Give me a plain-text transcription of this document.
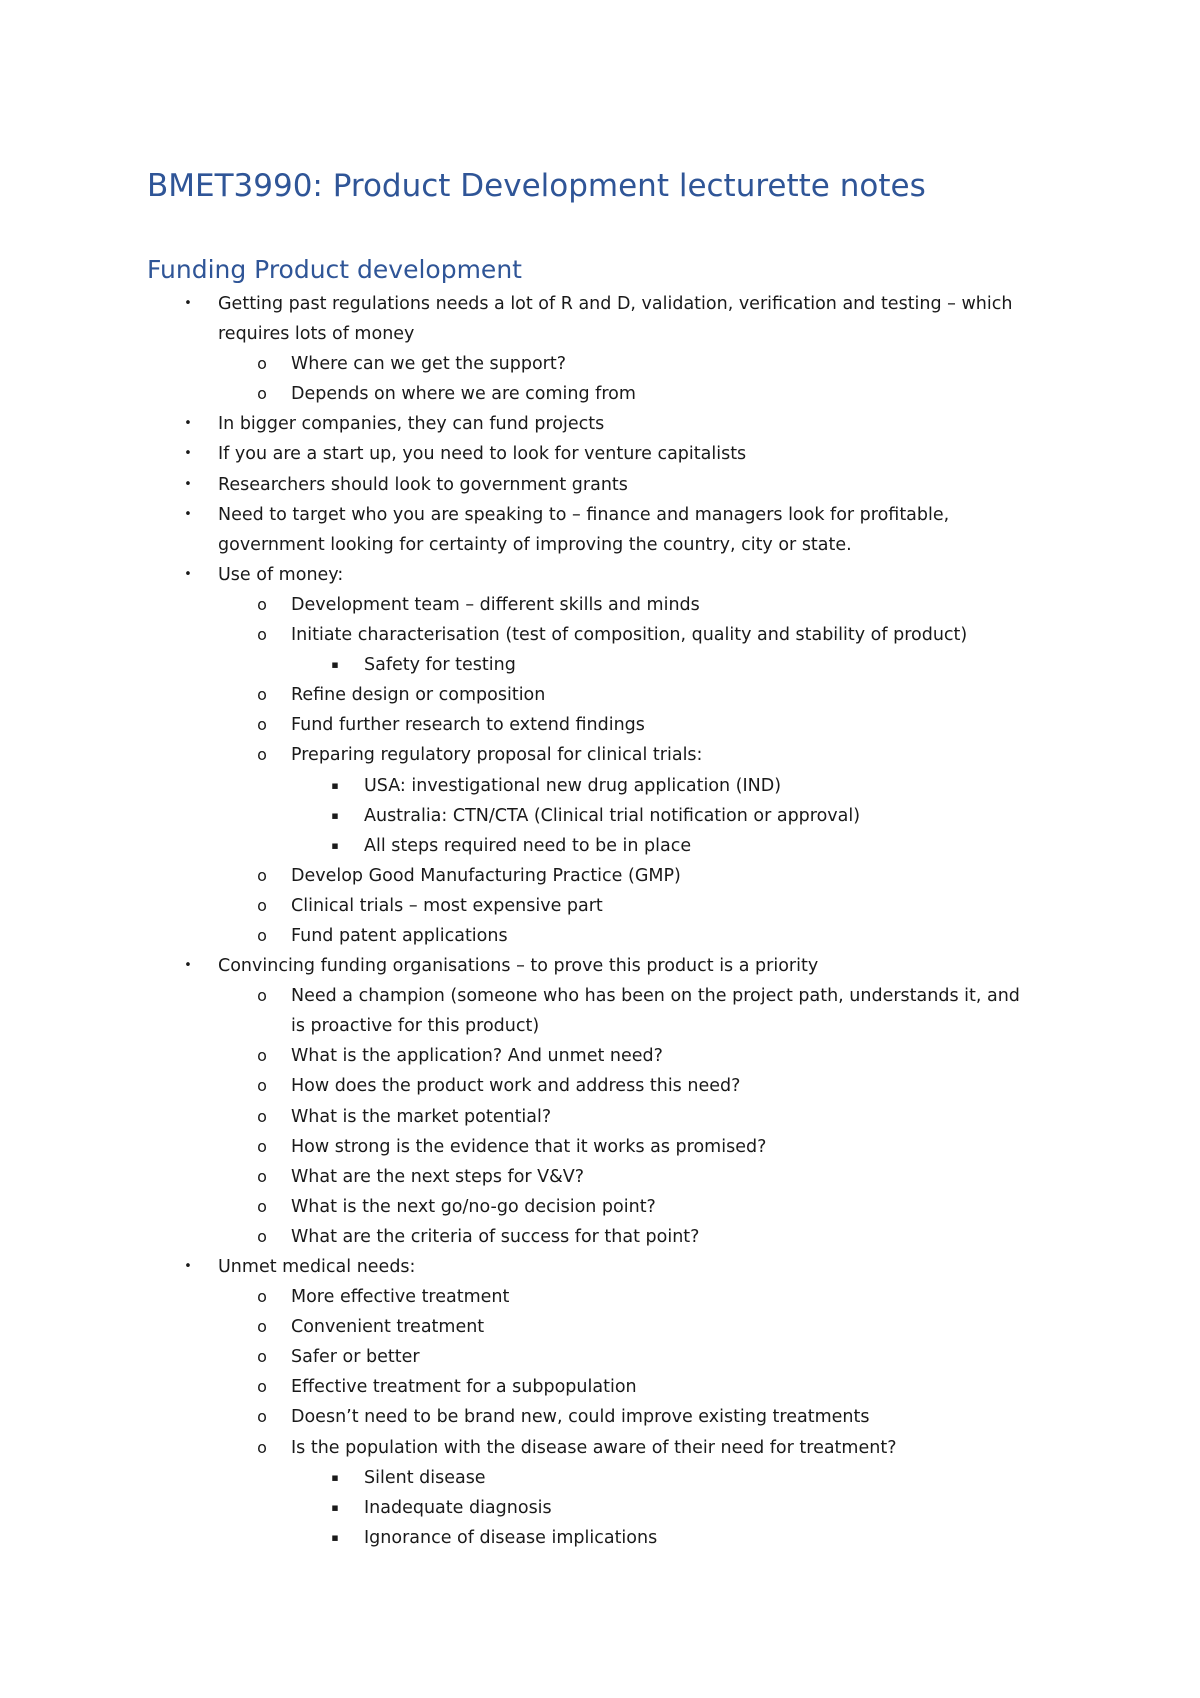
BMET3990: Product Development lecturette notes
Funding Product development
•	Getting past regulations needs a lot of R and D, validation, verification and testing – which
requires lots of money
o Where can we get the support?
o Depends on where we are coming from
•	In bigger companies, they can fund projects
•	If you are a start up, you need to look for venture capitalists
•	Researchers should look to government grants
•	Need to target who you are speaking to – finance and managers look for profitable,
government looking for certainty of improving the country, city or state.
•	Use of money:
o Development team – different skills and minds
o Initiate characterisation (test of composition, quality and stability of product)
▪	Safety for testing
o Refine design or composition
o Fund further research to extend findings
o Preparing regulatory proposal for clinical trials:
▪	USA: investigational new drug application (IND)
▪	Australia: CTN/CTA (Clinical trial notification or approval)
▪	All steps required need to be in place
o Develop Good Manufacturing Practice (GMP)
o Clinical trials – most expensive part
o Fund patent applications
•	Convincing funding organisations – to prove this product is a priority
o Need a champion (someone who has been on the project path, understands it, and
is proactive for this product)
o What is the application? And unmet need?
o How does the product work and address this need?
o What is the market potential?
o How strong is the evidence that it works as promised?
o What are the next steps for V&V?
o What is the next go/no-go decision point?
o What are the criteria of success for that point?
•	Unmet medical needs:
o More effective treatment
o Convenient treatment
o Safer or better
o Effective treatment for a subpopulation
o Doesn’t need to be brand new, could improve existing treatments
o Is the population with the disease aware of their need for treatment?
▪	Silent disease
▪	Inadequate diagnosis
▪	Ignorance of disease implications
